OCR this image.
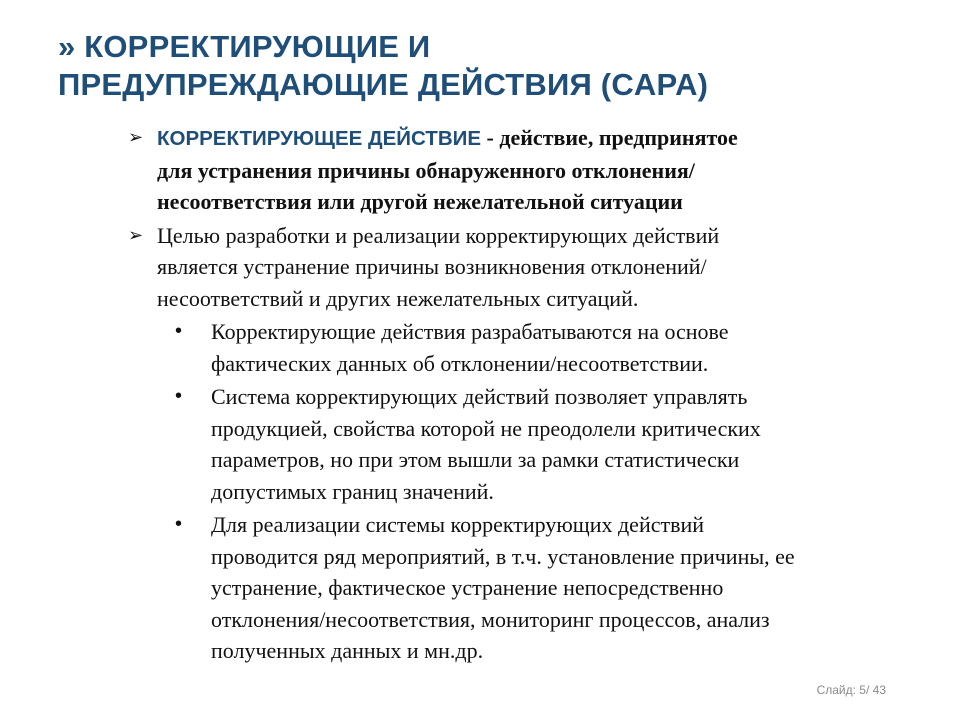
» КОРРЕКТИРУЮЩИЕ И
ПРЕДУПРЕЖДАЮЩИЕ ДЕЙСТВИЯ (CAPA)
➢ КОРРЕКТИРУЮЩЕЕ ДЕЙСТВИЕ - действие, предпринятое
для устранения причины обнаруженного отклонения/
несоответствия или другой нежелательной ситуации
➢ Целью разработки и реализации корректирующих действий
является устранение причины возникновения отклонений/
несоответствий и других нежелательных ситуаций.
• Корректирующие действия разрабатываются на основе
фактических данных об отклонении/несоответствии.
• Система корректирующих действий позволяет управлять
продукцией, свойства которой не преодолели критических
параметров, но при этом вышли за рамки статистически
допустимых границ значений.
• Для реализации системы корректирующих действий
проводится ряд мероприятий, в т.ч. установление причины, ее
устранение, фактическое устранение непосредственно
отклонения/несоответствия, мониторинг процессов, анализ
полученных данных и мн.др.
Слайд: 5/ 43
